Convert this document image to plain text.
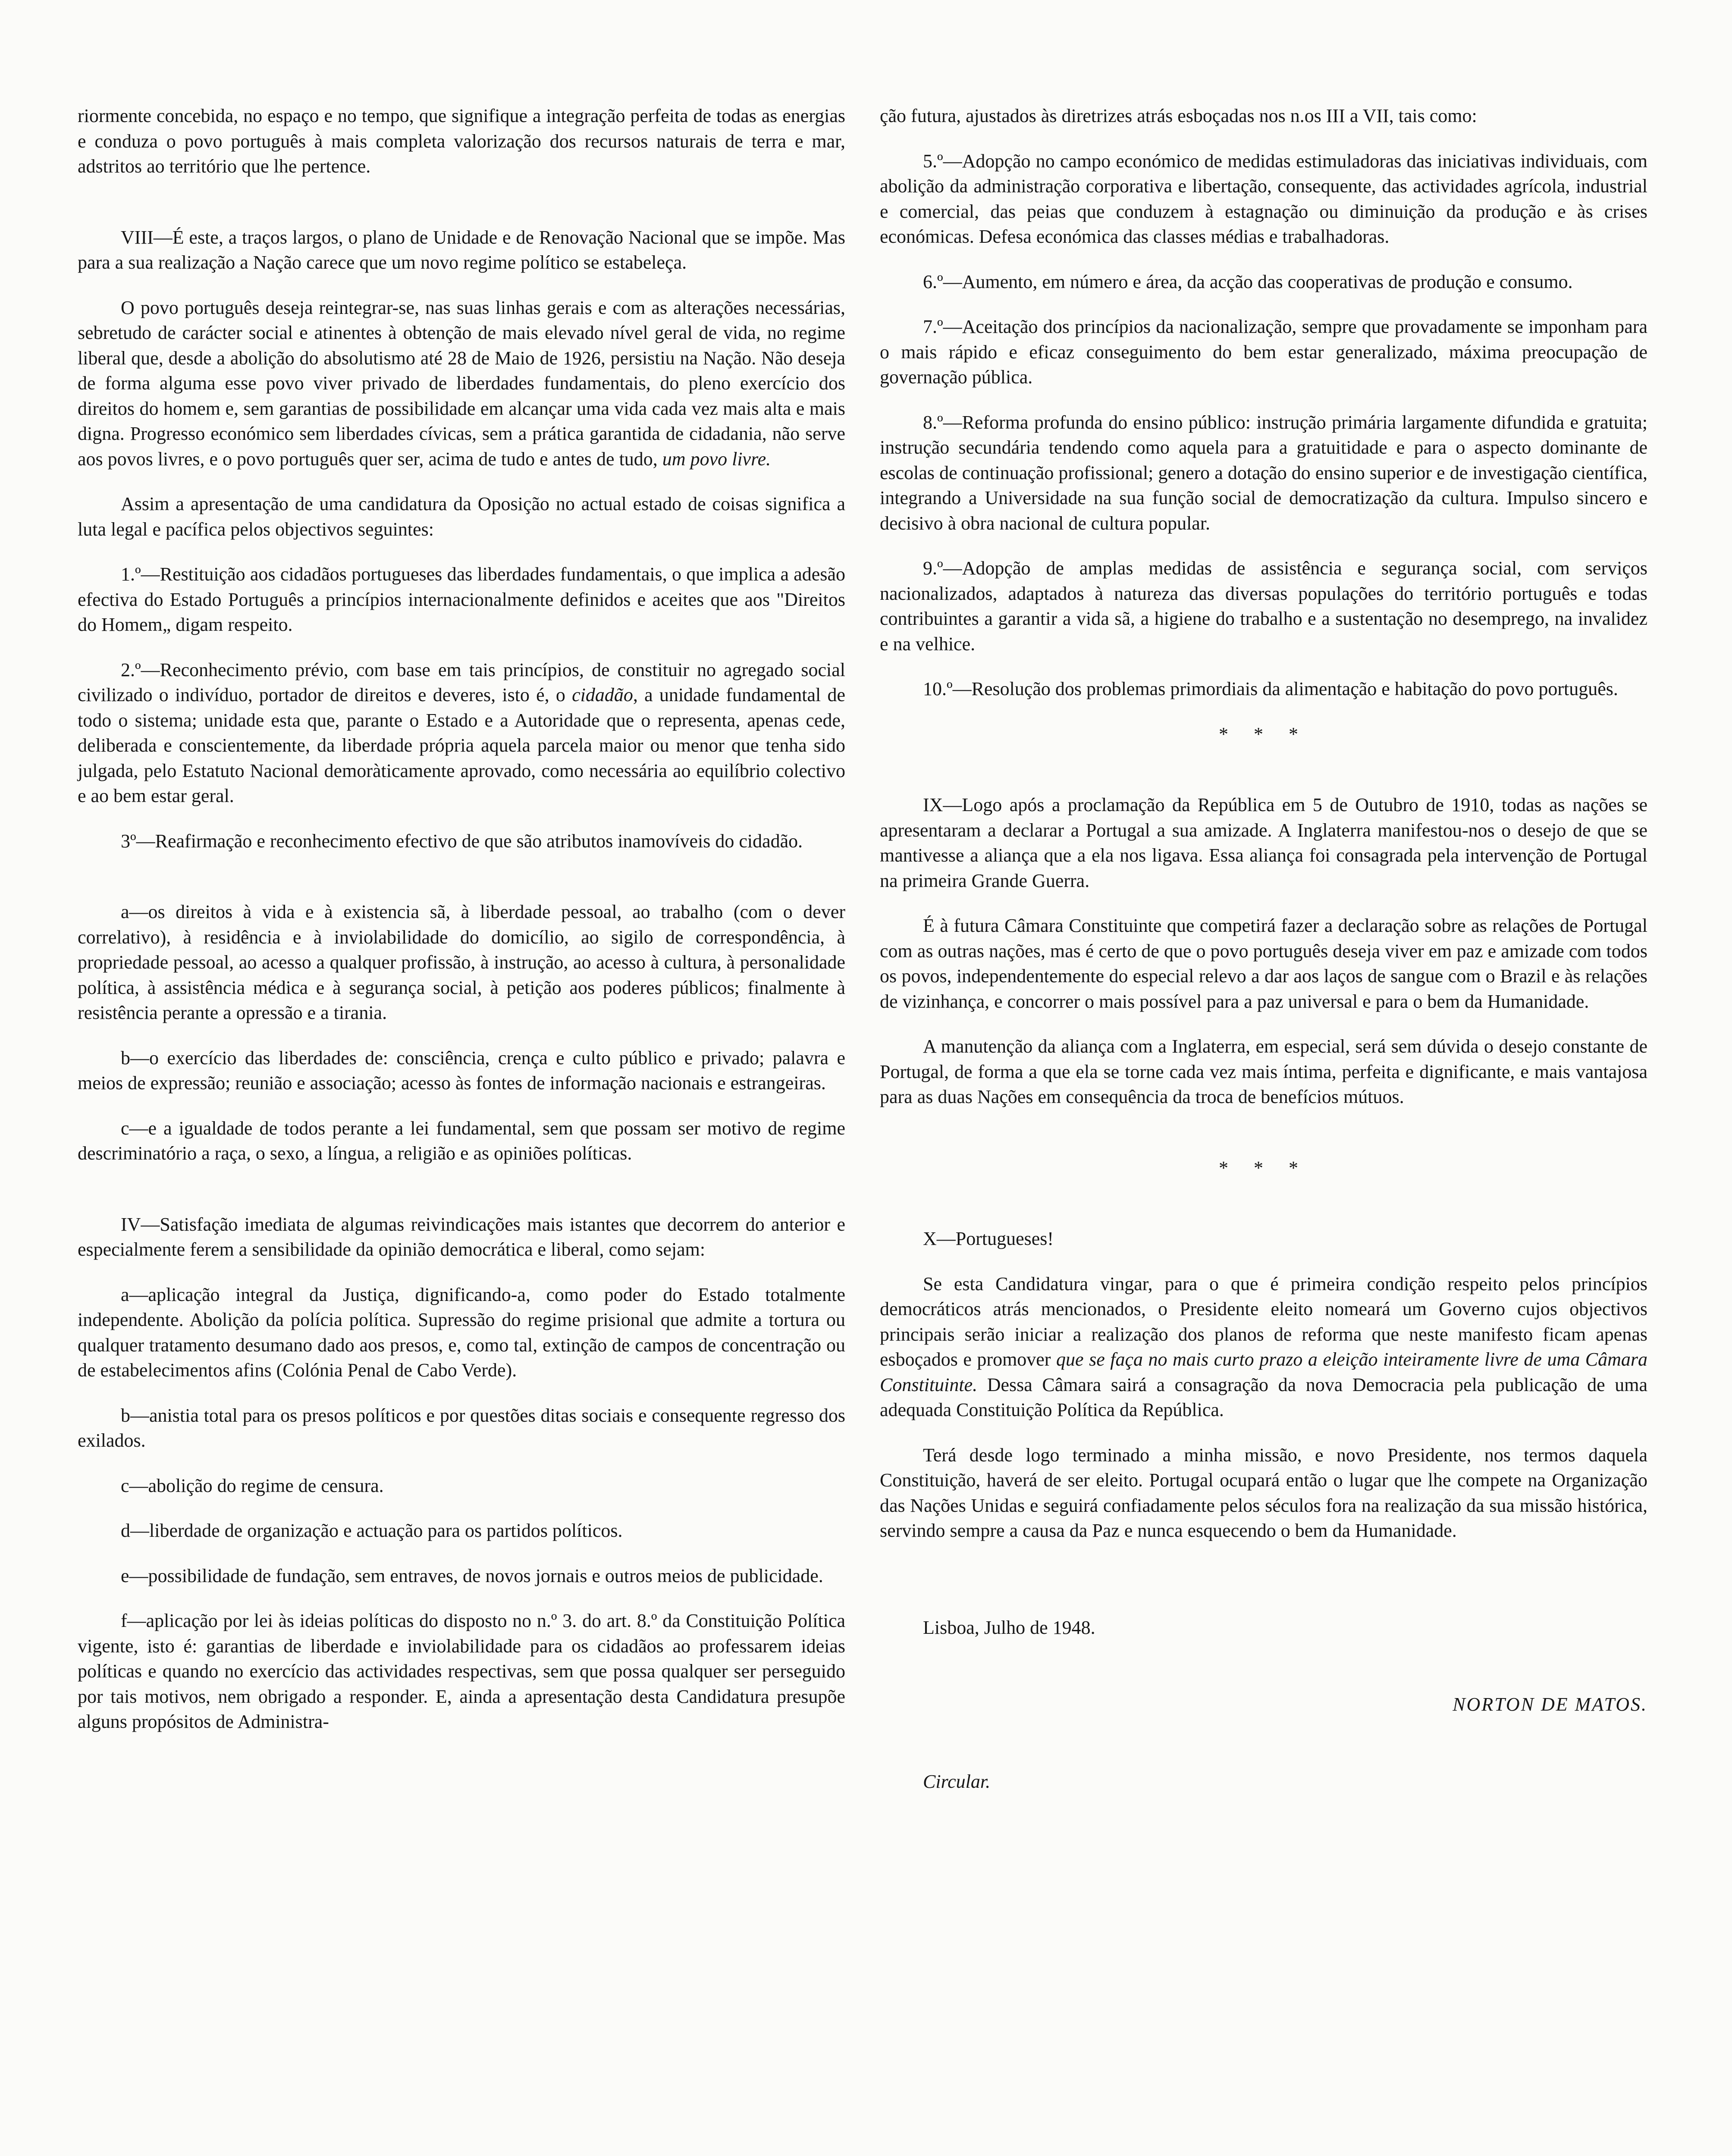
riormente concebida, no espaço e no tempo, que signifique a integração perfeita de todas as energias e conduza o povo português à mais completa valorização dos recursos naturais de terra e mar, adstritos ao território que lhe pertence.

VIII—É este, a traços largos, o plano de Unidade e de Renovação Nacional que se impõe. Mas para a sua realização a Nação carece que um novo regime político se estabeleça.

O povo português deseja reintegrar-se, nas suas linhas gerais e com as alterações necessárias, sebretudo de carácter social e atinentes à obtenção de mais elevado nível geral de vida, no regime liberal que, desde a abolição do absolutismo até 28 de Maio de 1926, persistiu na Nação. Não deseja de forma alguma esse povo viver privado de liberdades fundamentais, do pleno exercício dos direitos do homem e, sem garantias de possibilidade em alcançar uma vida cada vez mais alta e mais digna. Progresso económico sem liberdades cívicas, sem a prática garantida de cidadania, não serve aos povos livres, e o povo português quer ser, acima de tudo e antes de tudo, um povo livre.

Assim a apresentação de uma candidatura da Oposição no actual estado de coisas significa a luta legal e pacífica pelos objectivos seguintes:

1.º—Restituição aos cidadãos portugueses das liberdades fundamentais, o que implica a adesão efectiva do Estado Português a princípios internacionalmente definidos e aceites que aos "Direitos do Homem„ digam respeito.

2.º—Reconhecimento prévio, com base em tais princípios, de constituir no agregado social civilizado o indivíduo, portador de direitos e deveres, isto é, o cidadão, a unidade fundamental de todo o sistema; unidade esta que, parante o Estado e a Autoridade que o representa, apenas cede, deliberada e conscientemente, da liberdade própria aquela parcela maior ou menor que tenha sido julgada, pelo Estatuto Nacional demoràticamente aprovado, como necessária ao equilíbrio colectivo e ao bem estar geral.

3º—Reafirmação e reconhecimento efectivo de que são atributos inamovíveis do cidadão.

a—os direitos à vida e à existencia sã, à liberdade pessoal, ao trabalho (com o dever correlativo), à residência e à inviolabilidade do domicílio, ao sigilo de correspondência, à propriedade pessoal, ao acesso a qualquer profissão, à instrução, ao acesso à cultura, à personalidade política, à assistência médica e à segurança social, à petição aos poderes públicos; finalmente à resistência perante a opressão e a tirania.

b—o exercício das liberdades de: consciência, crença e culto público e privado; palavra e meios de expressão; reunião e associação; acesso às fontes de informação nacionais e estrangeiras.

c—e a igualdade de todos perante a lei fundamental, sem que possam ser motivo de regime descriminatório a raça, o sexo, a língua, a religião e as opiniões políticas.

IV—Satisfação imediata de algumas reivindicações mais istantes que decorrem do anterior e especialmente ferem a sensibilidade da opinião democrática e liberal, como sejam:

a—aplicação integral da Justiça, dignificando-a, como poder do Estado totalmente independente. Abolição da polícia política. Supressão do regime prisional que admite a tortura ou qualquer tratamento desumano dado aos presos, e, como tal, extinção de campos de concentração ou de estabelecimentos afins (Colónia Penal de Cabo Verde).

b—anistia total para os presos políticos e por questões ditas sociais e consequente regresso dos exilados.

c—abolição do regime de censura.

d—liberdade de organização e actuação para os partidos políticos.

e—possibilidade de fundação, sem entraves, de novos jornais e outros meios de publicidade.

f—aplicação por lei às ideias políticas do disposto no n.º 3. do art. 8.º da Constituição Política vigente, isto é: garantias de liberdade e inviolabilidade para os cidadãos ao professarem ideias políticas e quando no exercício das actividades respectivas, sem que possa qualquer ser perseguido por tais motivos, nem obrigado a responder. E, ainda a apresentação desta Candidatura presupõe alguns propósitos de Administra-

ção futura, ajustados às diretrizes atrás esboçadas nos n.os III a VII, tais como:

5.º—Adopção no campo económico de medidas estimuladoras das iniciativas individuais, com abolição da administração corporativa e libertação, consequente, das actividades agrícola, industrial e comercial, das peias que conduzem à estagnação ou diminuição da produção e às crises económicas. Defesa económica das classes médias e trabalhadoras.

6.º—Aumento, em número e área, da acção das cooperativas de produção e consumo.

7.º—Aceitação dos princípios da nacionalização, sempre que provadamente se imponham para o mais rápido e eficaz conseguimento do bem estar generalizado, máxima preocupação de governação pública.

8.º—Reforma profunda do ensino público: instrução primária largamente difundida e gratuita; instrução secundária tendendo como aquela para a gratuitidade e para o aspecto dominante de escolas de continuação profissional; genero a dotação do ensino superior e de investigação científica, integrando a Universidade na sua função social de democratização da cultura. Impulso sincero e decisivo à obra nacional de cultura popular.

9.º—Adopção de amplas medidas de assistência e segurança social, com serviços nacionalizados, adaptados à natureza das diversas populações do território português e todas contribuintes a garantir a vida sã, a higiene do trabalho e a sustentação no desemprego, na invalidez e na velhice.

10.º—Resolução dos problemas primordiais da alimentação e habitação do povo português.

* * *

IX—Logo após a proclamação da República em 5 de Outubro de 1910, todas as nações se apresentaram a declarar a Portugal a sua amizade. A Inglaterra manifestou-nos o desejo de que se mantivesse a aliança que a ela nos ligava. Essa aliança foi consagrada pela intervenção de Portugal na primeira Grande Guerra.

É à futura Câmara Constituinte que competirá fazer a declaração sobre as relações de Portugal com as outras nações, mas é certo de que o povo português deseja viver em paz e amizade com todos os povos, independentemente do especial relevo a dar aos laços de sangue com o Brazil e às relações de vizinhança, e concorrer o mais possível para a paz universal e para o bem da Humanidade.

A manutenção da aliança com a Inglaterra, em especial, será sem dúvida o desejo constante de Portugal, de forma a que ela se torne cada vez mais íntima, perfeita e dignificante, e mais vantajosa para as duas Nações em consequência da troca de benefícios mútuos.

* * *

X—Portugueses!

Se esta Candidatura vingar, para o que é primeira condição respeito pelos princípios democráticos atrás mencionados, o Presidente eleito nomeará um Governo cujos objectivos principais serão iniciar a realização dos planos de reforma que neste manifesto ficam apenas esboçados e promover que se faça no mais curto prazo a eleição inteiramente livre de uma Câmara Constituinte. Dessa Câmara sairá a consagração da nova Democracia pela publicação de uma adequada Constituição Política da República.

Terá desde logo terminado a minha missão, e novo Presidente, nos termos daquela Constituição, haverá de ser eleito. Portugal ocupará então o lugar que lhe compete na Organização das Nações Unidas e seguirá confiadamente pelos séculos fora na realização da sua missão histórica, servindo sempre a causa da Paz e nunca esquecendo o bem da Humanidade.

Lisboa, Julho de 1948.

NORTON DE MATOS.

Circular.
